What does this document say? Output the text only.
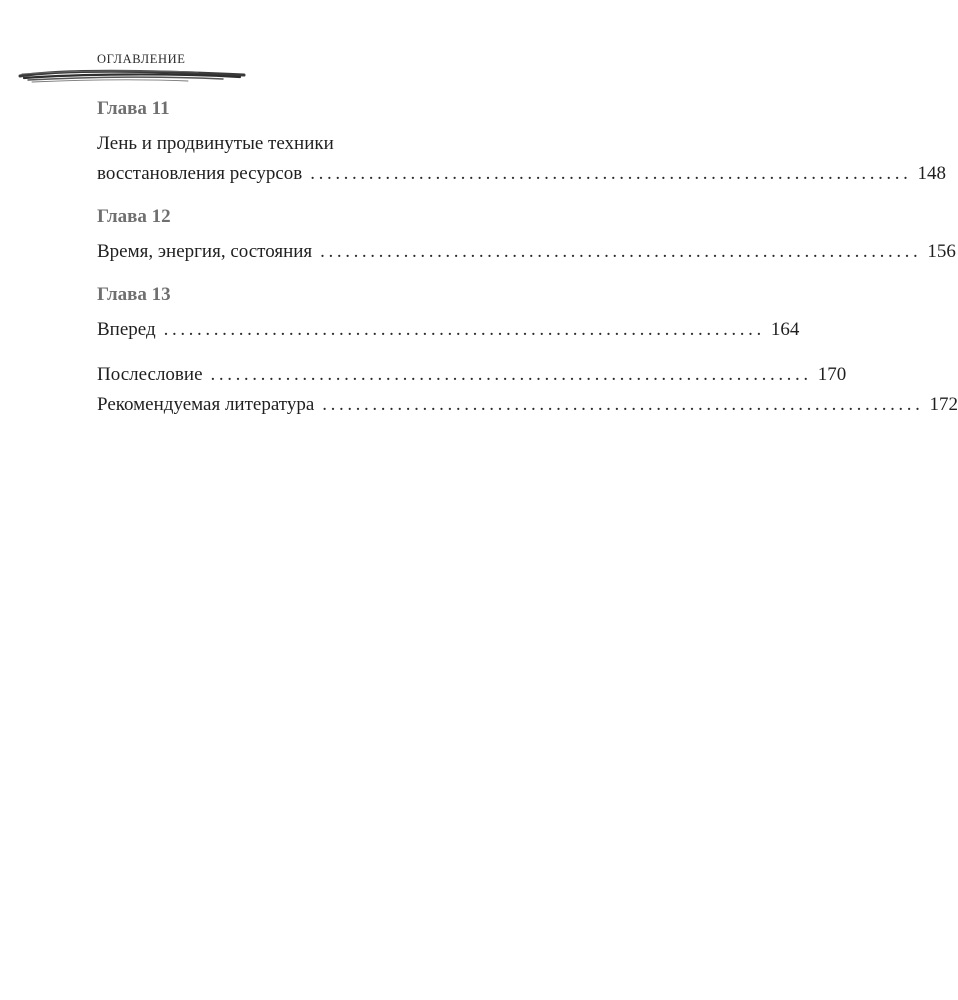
ОГЛАВЛЕНИЕ
Глава 11
Лень и продвинутые техники
восстановления ресурсов ........................................................................ 148
Глава 12
Время, энергия, состояния ........................................................................ 156
Глава 13
Вперед ........................................................................ 164
Послесловие ........................................................................ 170
Рекомендуемая литература ........................................................................ 172
